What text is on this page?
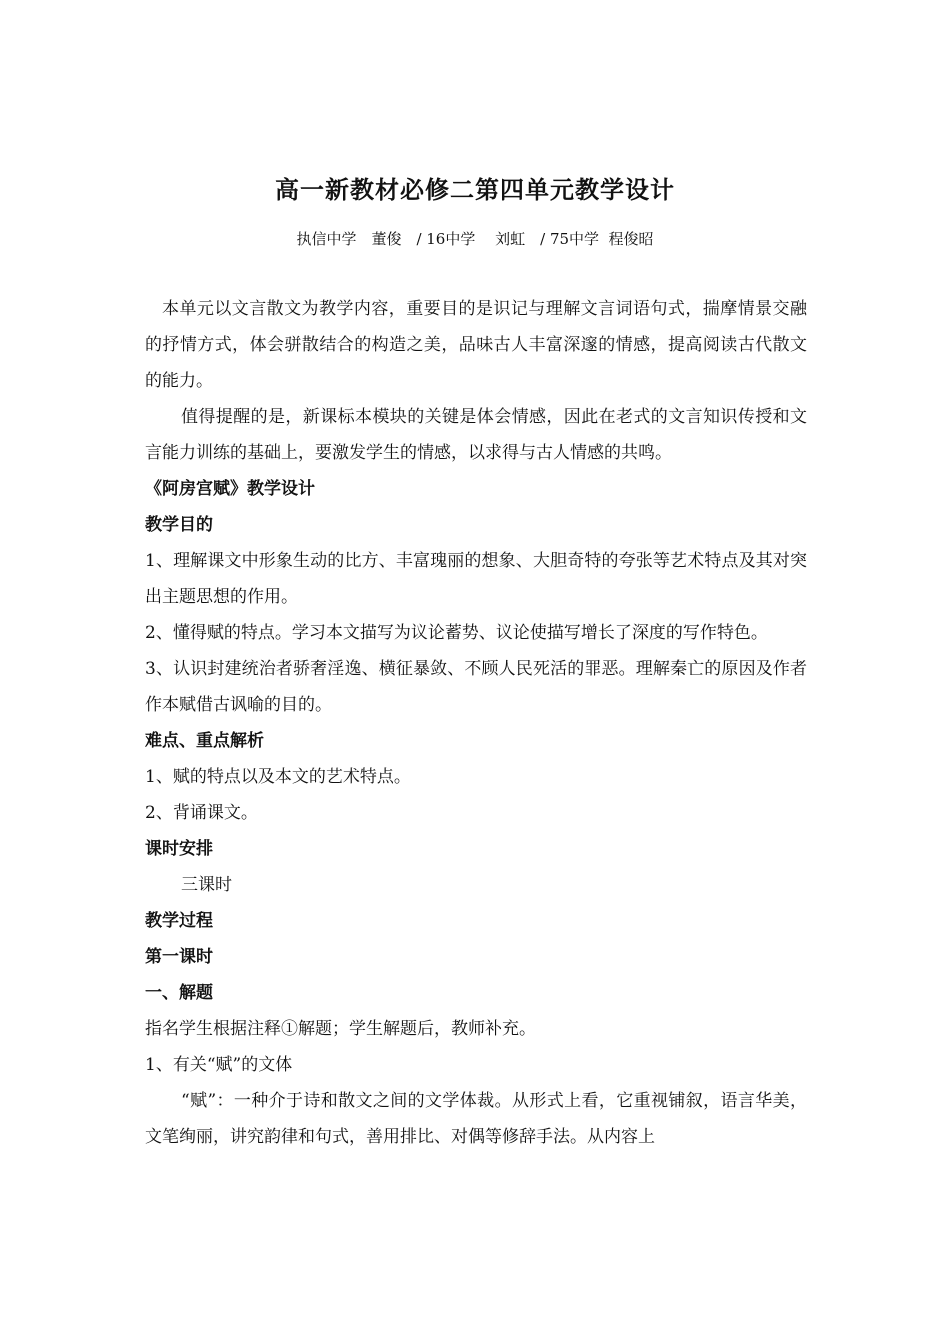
高一新教材必修二第四单元教学设计
执信中学　董俊　/ 16中学　 刘虹　/ 75中学  程俊昭

本单元以文言散文为教学内容，重要目的是识记与理解文言词语句式，揣摩情景交融的抒情方式，体会骈散结合的构造之美，品味古人丰富深邃的情感，提高阅读古代散文的能力。

值得提醒的是，新课标本模块的关键是体会情感，因此在老式的文言知识传授和文言能力训练的基础上，要激发学生的情感，以求得与古人情感的共鸣。

《阿房宫赋》教学设计

教学目的

1、理解课文中形象生动的比方、丰富瑰丽的想象、大胆奇特的夸张等艺术特点及其对突出主题思想的作用。

2、懂得赋的特点。学习本文描写为议论蓄势、议论使描写增长了深度的写作特色。

3、认识封建统治者骄奢淫逸、横征暴敛、不顾人民死活的罪恶。理解秦亡的原因及作者作本赋借古讽喻的目的。

难点、重点解析

1、赋的特点以及本文的艺术特点。

2、背诵课文。

课时安排

三课时

教学过程

第一课时

一、解题

指名学生根据注释①解题；学生解题后，教师补充。

1、有关“赋”的文体

“赋”：一种介于诗和散文之间的文学体裁。从形式上看，它重视铺叙，语言华美，文笔绚丽，讲究韵律和句式，善用排比、对偶等修辞手法。从内容上
